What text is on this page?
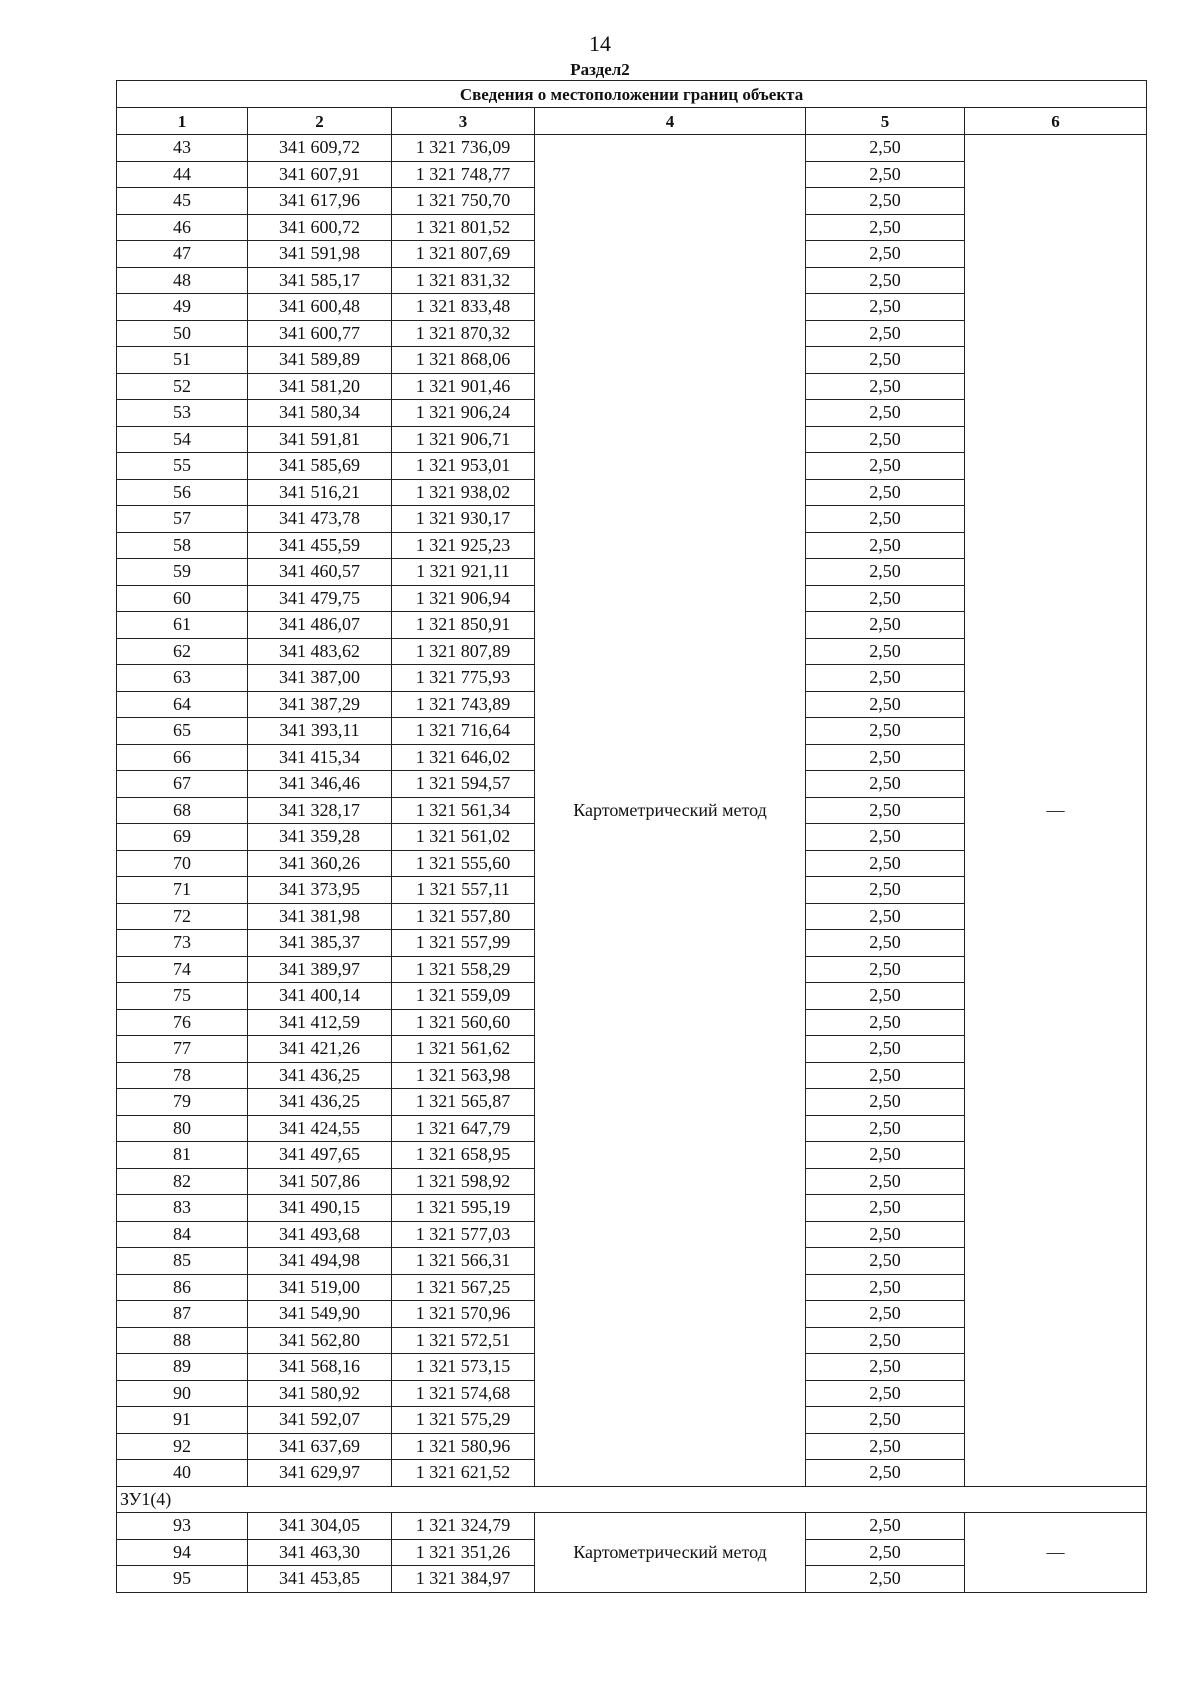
14
Раздел2
Сведения о местоположении границ объекта					
1	2	3	4	5	6
43	341 609,72	1 321 736,09	Картометрический метод	2,50	—
44	341 607,91	1 321 748,77		2,50	
45	341 617,96	1 321 750,70		2,50	
46	341 600,72	1 321 801,52		2,50	
47	341 591,98	1 321 807,69		2,50	
48	341 585,17	1 321 831,32		2,50	
49	341 600,48	1 321 833,48		2,50	
50	341 600,77	1 321 870,32		2,50	
51	341 589,89	1 321 868,06		2,50	
52	341 581,20	1 321 901,46		2,50	
53	341 580,34	1 321 906,24		2,50	
54	341 591,81	1 321 906,71		2,50	
55	341 585,69	1 321 953,01		2,50	
56	341 516,21	1 321 938,02		2,50	
57	341 473,78	1 321 930,17		2,50	
58	341 455,59	1 321 925,23		2,50	
59	341 460,57	1 321 921,11		2,50	
60	341 479,75	1 321 906,94		2,50	
61	341 486,07	1 321 850,91		2,50	
62	341 483,62	1 321 807,89		2,50	
63	341 387,00	1 321 775,93		2,50	
64	341 387,29	1 321 743,89		2,50	
65	341 393,11	1 321 716,64		2,50	
66	341 415,34	1 321 646,02		2,50	
67	341 346,46	1 321 594,57		2,50	
68	341 328,17	1 321 561,34		2,50	
69	341 359,28	1 321 561,02		2,50	
70	341 360,26	1 321 555,60		2,50	
71	341 373,95	1 321 557,11		2,50	
72	341 381,98	1 321 557,80		2,50	
73	341 385,37	1 321 557,99		2,50	
74	341 389,97	1 321 558,29		2,50	
75	341 400,14	1 321 559,09		2,50	
76	341 412,59	1 321 560,60		2,50	
77	341 421,26	1 321 561,62		2,50	
78	341 436,25	1 321 563,98		2,50	
79	341 436,25	1 321 565,87		2,50	
80	341 424,55	1 321 647,79		2,50	
81	341 497,65	1 321 658,95		2,50	
82	341 507,86	1 321 598,92		2,50	
83	341 490,15	1 321 595,19		2,50	
84	341 493,68	1 321 577,03		2,50	
85	341 494,98	1 321 566,31		2,50	
86	341 519,00	1 321 567,25		2,50	
87	341 549,90	1 321 570,96		2,50	
88	341 562,80	1 321 572,51		2,50	
89	341 568,16	1 321 573,15		2,50	
90	341 580,92	1 321 574,68		2,50	
91	341 592,07	1 321 575,29		2,50	
92	341 637,69	1 321 580,96		2,50	
40	341 629,97	1 321 621,52		2,50	
ЗУ1(4)					
93	341 304,05	1 321 324,79	Картометрический метод	2,50	—
94	341 463,30	1 321 351,26		2,50	
95	341 453,85	1 321 384,97		2,50	
